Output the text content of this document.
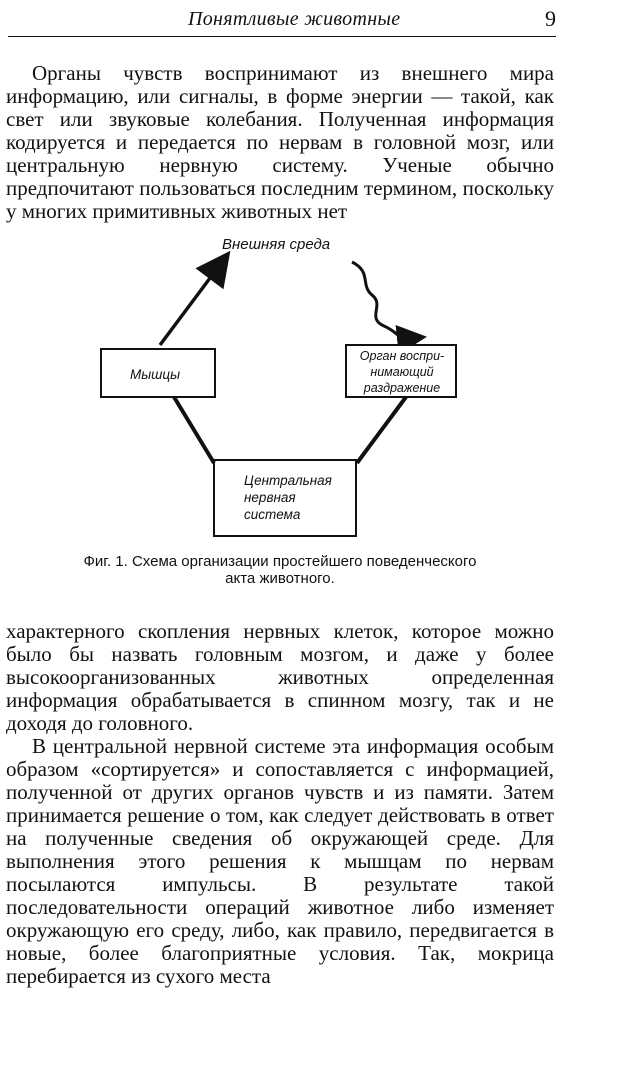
Понятливые животные	9

Органы чувств воспринимают из внешнего мира информацию, или сигналы, в форме энергии — такой, как свет или звуковые колебания. Полученная информация кодируется и передается по нервам в головной мозг, или центральную нервную систему. Ученые обычно предпочитают пользоваться последним термином, поскольку у многих примитивных животных нет

Внешняя среда
Мышцы
Орган воспри-
нимающий
раздражение
Центральная
нервная
система
Фиг. 1. Схема организации простейшего поведенческого
акта животного.

характерного скопления нервных клеток, которое можно было бы назвать головным мозгом, и даже у более высокоорганизованных животных определенная информация обрабатывается в спинном мозгу, так и не доходя до головного.

В центральной нервной системе эта информация особым образом «сортируется» и сопоставляется с информацией, полученной от других органов чувств и из памяти. Затем принимается решение о том, как следует действовать в ответ на полученные сведения об окружающей среде. Для выполнения этого решения к мышцам по нервам посылаются импульсы. В результате такой последовательности операций животное либо изменяет окружающую его среду, либо, как правило, передвигается в новые, более благоприятные условия. Так, мокрица перебирается из сухого места
